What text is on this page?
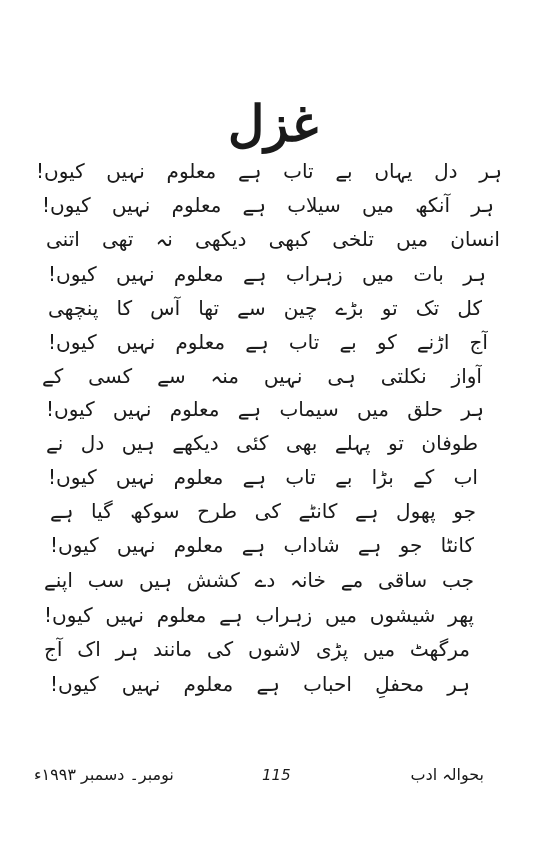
غزل
ہر دل یہاں بے تاب ہے معلوم نہیں کیوں!
ہر آنکھ میں سیلاب ہے معلوم نہیں کیوں!
انسان میں تلخی کبھی دیکھی نہ تھی اتنی
ہر بات میں زہراب ہے معلوم نہیں کیوں!
کل تک تو بڑے چین سے تھا آس کا پنچھی
آج اڑنے کو بے تاب ہے معلوم نہیں کیوں!
آواز نکلتی ہی نہیں منہ سے کسی کے
ہر حلق میں سیماب ہے معلوم نہیں کیوں!
طوفان تو پہلے بھی کئی دیکھے ہیں دل نے
اب کے بڑا بے تاب ہے معلوم نہیں کیوں!
جو پھول ہے کانٹے کی طرح سوکھ گیا ہے
کانٹا جو ہے شاداب ہے معلوم نہیں کیوں!
جب ساقی مے خانہ دے کشش ہیں سب اپنے
پھر شیشوں میں زہراب ہے معلوم نہیں کیوں!
مرگھٹ میں پڑی لاشوں کی مانند ہر اک آج
ہر محفلِ احباب ہے معلوم نہیں کیوں!
نومبر۔ دسمبر ۱۹۹۳ء	115	بحوالہ ادب
